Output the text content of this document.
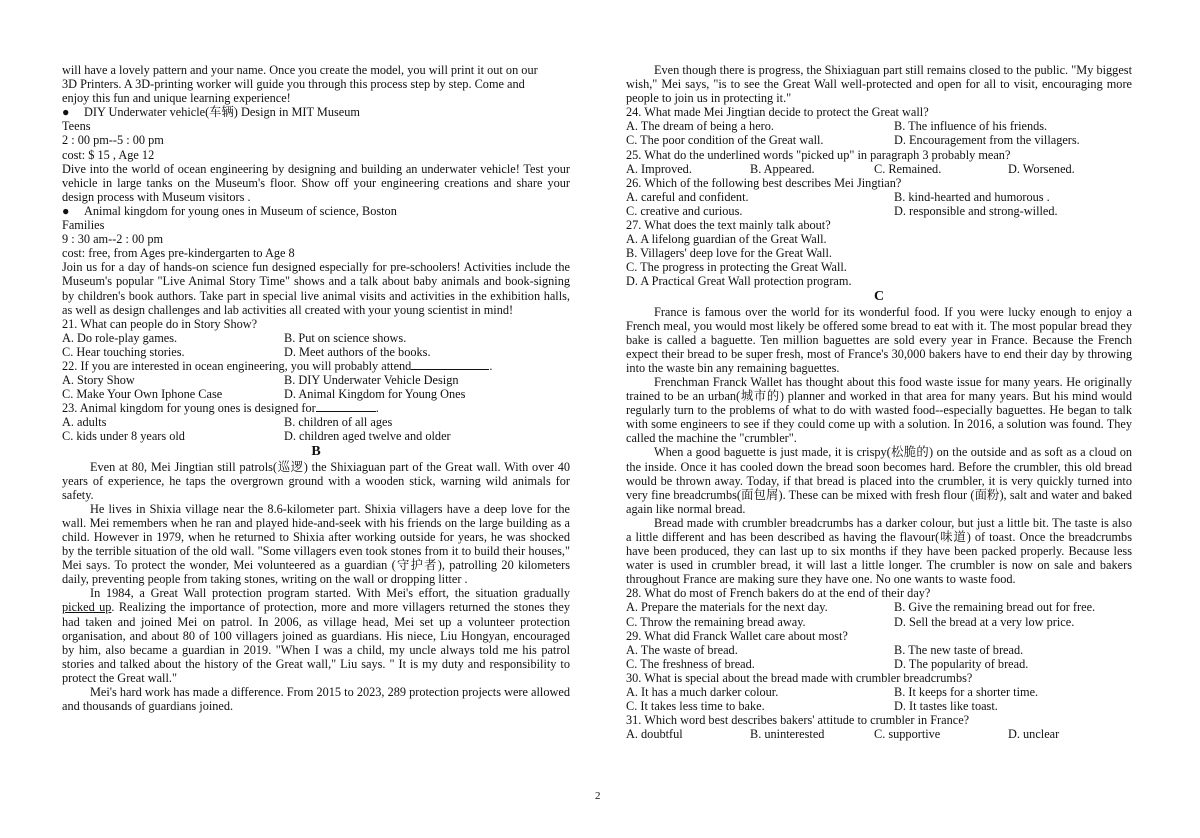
will have a lovely pattern and your name. Once you create the model, you will print it out on our

3D Printers. A 3D-printing worker will guide you through this process step by step. Come and

enjoy this fun and unique learning experience!

● DIY Underwater vehicle(车辆) Design in MIT Museum

Teens

2 : 00 pm--5 : 00 pm

cost: $ 15 , Age 12

Dive into the world of ocean engineering by designing and building an underwater vehicle! Test your vehicle in large tanks on the Museum's floor. Show off your engineering creations and share your design process with Museum visitors .

● Animal kingdom for young ones in Museum of science, Boston

Families

9 : 30 am--2 : 00 pm

cost: free, from Ages pre-kindergarten to Age 8

Join us for a day of hands-on science fun designed especially for pre-schoolers! Activities include the Museum's popular "Live Animal Story Time" shows and a talk about baby animals and book-signing by children's book authors. Take part in special live animal visits and activities in the exhibition halls, as well as design challenges and lab activities all created with your young scientist in mind!

21. What can people do in Story Show?

A. Do role-play games.	B. Put on science shows.
C. Hear touching stories.	D. Meet authors of the books.

22. If you are interested in ocean engineering, you will probably attend	.

A. Story Show	B. DIY Underwater Vehicle Design
C. Make Your Own Iphone Case	D. Animal Kingdom for Young Ones

23. Animal kingdom for young ones is designed for	.

A. adults	B. children of all ages
C. kids under 8 years old	D. children aged twelve and older

B

Even at 80, Mei Jingtian still patrols(巡逻) the Shixiaguan part of the Great wall. With over 40 years of experience, he taps the overgrown ground with a wooden stick, warning wild animals for safety.

He lives in Shixia village near the 8.6-kilometer part. Shixia villagers have a deep love for the wall. Mei remembers when he ran and played hide-and-seek with his friends on the large building as a child. However in 1979, when he returned to Shixia after working outside for years, he was shocked by the terrible situation of the old wall. "Some villagers even took stones from it to build their houses," Mei says. To protect the wonder, Mei volunteered as a guardian (守护者), patrolling 20 kilometers daily, preventing people from taking stones, writing on the wall or dropping litter .

In 1984, a Great Wall protection program started. With Mei's effort, the situation gradually picked up. Realizing the importance of protection, more and more villagers returned the stones they had taken and joined Mei on patrol. In 2006, as village head, Mei set up a volunteer protection organisation, and about 80 of 100 villagers joined as guardians. His niece, Liu Hongyan, encouraged by him, also became a guardian in 2019. "When I was a child, my uncle always told me his patrol stories and talked about the history of the Great wall," Liu says. " It is my duty and responsibility to protect the Great wall."

Mei's hard work has made a difference. From 2015 to 2023, 289 protection projects were allowed and thousands of guardians joined.

Even though there is progress, the Shixiaguan part still remains closed to the public. "My biggest wish," Mei says, "is to see the Great Wall well-protected and open for all to visit, encouraging more people to join us in protecting it."

24. What made Mei Jingtian decide to protect the Great wall?

A. The dream of being a hero.	B. The influence of his friends.
C. The poor condition of the Great wall.	D. Encouragement from the villagers.

25. What do the underlined words "picked up" in paragraph 3 probably mean?

A. Improved.	B. Appeared.	C. Remained.	D. Worsened.

26. Which of the following best describes Mei Jingtian?

A. careful and confident.	B. kind-hearted and humorous .
C. creative and curious.	D. responsible and strong-willed.

27. What does the text mainly talk about?

A. A lifelong guardian of the Great Wall.

B. Villagers' deep love for the Great Wall.

C. The progress in protecting the Great Wall.

D. A Practical Great Wall protection program.

C

France is famous over the world for its wonderful food. If you were lucky enough to enjoy a French meal, you would most likely be offered some bread to eat with it. The most popular bread they bake is called a baguette. Ten million baguettes are sold every year in France. Because the French expect their bread to be super fresh, most of France's 30,000 bakers have to end their day by throwing into the waste bin any remaining baguettes.

Frenchman Franck Wallet has thought about this food waste issue for many years. He originally trained to be an urban(城市的) planner and worked in that area for many years. But his mind would regularly turn to the problems of what to do with wasted food--especially baguettes. He began to talk with some engineers to see if they could come up with a solution. In 2016, a solution was found. They called the machine the "crumbler".

When a good baguette is just made, it is crispy(松脆的) on the outside and as soft as a cloud on the inside. Once it has cooled down the bread soon becomes hard. Before the crumbler, this old bread would be thrown away. Today, if that bread is placed into the crumbler, it is very quickly turned into very fine breadcrumbs(面包屑). These can be mixed with fresh flour (面粉), salt and water and baked again like normal bread.

Bread made with crumbler breadcrumbs has a darker colour, but just a little bit. The taste is also a little different and has been described as having the flavour(味道) of toast. Once the breadcrumbs have been produced, they can last up to six months if they have been packed properly. Because less water is used in crumbler bread, it will last a little longer. The crumbler is now on sale and bakers throughout France are making sure they have one. No one wants to waste food.

28. What do most of French bakers do at the end of their day?

A. Prepare the materials for the next day.	B. Give the remaining bread out for free.
C. Throw the remaining bread away.	D. Sell the bread at a very low price.

29. What did Franck Wallet care about most?

A. The waste of bread.	B. The new taste of bread.
C. The freshness of bread.	D. The popularity of bread.

30. What is special about the bread made with crumbler breadcrumbs?

A. It has a much darker colour.	B. It keeps for a shorter time.
C. It takes less time to bake.	D. It tastes like toast.

31. Which word best describes bakers' attitude to crumbler in France?

A. doubtful	B. uninterested	C. supportive	D. unclear
2
